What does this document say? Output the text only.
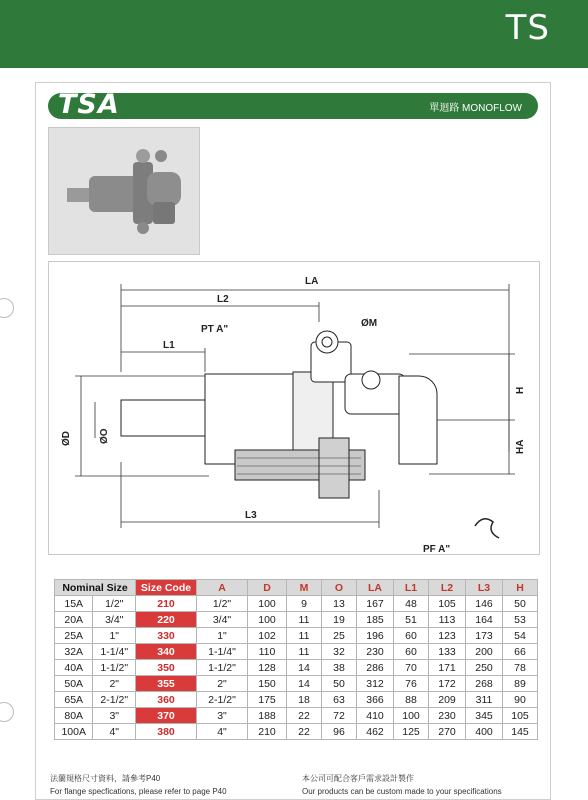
TS
TSA	單迴路 MONOFLOW
LA
L2
L1
PT A"
ØM
L3
PF A"
ØD	ØO
H
HA
Nominal Size		Size Code	A	D	M	O	LA	L1	L2	L3	H
15A	1/2"	210	1/2"	100	9	13	167	48	105	146	50
20A	3/4"	220	3/4"	100	11	19	185	51	113	164	53
25A	1"	330	1"	102	11	25	196	60	123	173	54
32A	1-1/4"	340	1-1/4"	110	11	32	230	60	133	200	66
40A	1-1/2"	350	1-1/2"	128	14	38	286	70	171	250	78
50A	2"	355	2"	150	14	50	312	76	172	268	89
65A	2-1/2"	360	2-1/2"	175	18	63	366	88	209	311	90
80A	3"	370	3"	188	22	72	410	100	230	345	105
100A	4"	380	4"	210	22	96	462	125	270	400	145
法蘭規格尺寸資料，請參考P40
For flange specfications, please refer to page P40
本公司可配合客戶需求設計製作
Our products can be custom made to your specifications
